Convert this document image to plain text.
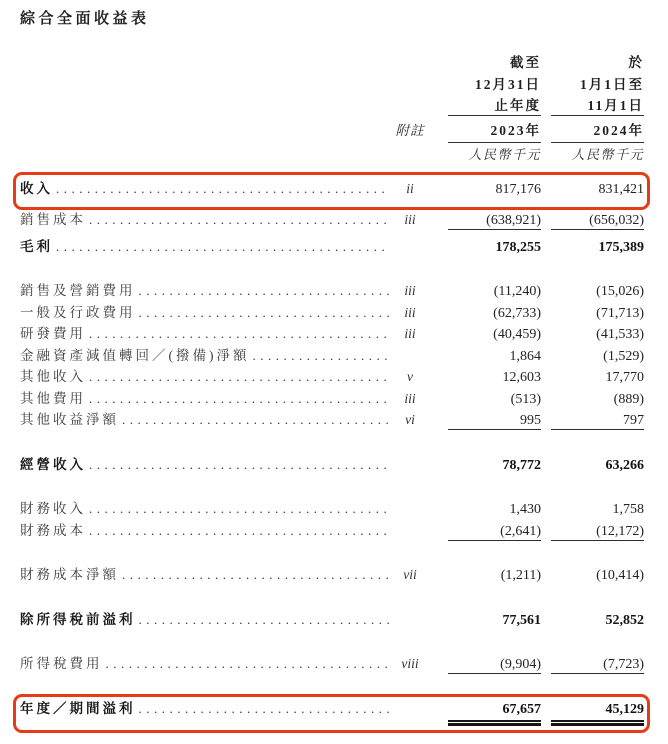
綜合全面收益表
截至	於
12月31日	1月1日至
止年度	11月1日
附註	2023年	2024年
人民幣千元	人民幣千元
收入 .....	ii	817,176	831,421
銷售成本 .....	iii	(638,921)	(656,032)
毛利 .....	178,255	175,389
銷售及營銷費用 .....	iii	(11,240)	(15,026)
一般及行政費用 .....	iii	(62,733)	(71,713)
研發費用 .....	iii	(40,459)	(41,533)
金融資產減值轉回／(撥備)淨額 .....	1,864	(1,529)
其他收入 .....	v	12,603	17,770
其他費用 .....	iii	(513)	(889)
其他收益淨額 .....	vi	995	797
經營收入 .....	78,772	63,266
財務收入 .....	1,430	1,758
財務成本 .....	(2,641)	(12,172)
財務成本淨額 .....	vii	(1,211)	(10,414)
除所得稅前溢利 .....	77,561	52,852
所得稅費用 .....	viii	(9,904)	(7,723)
年度／期間溢利 .....	67,657	45,129
